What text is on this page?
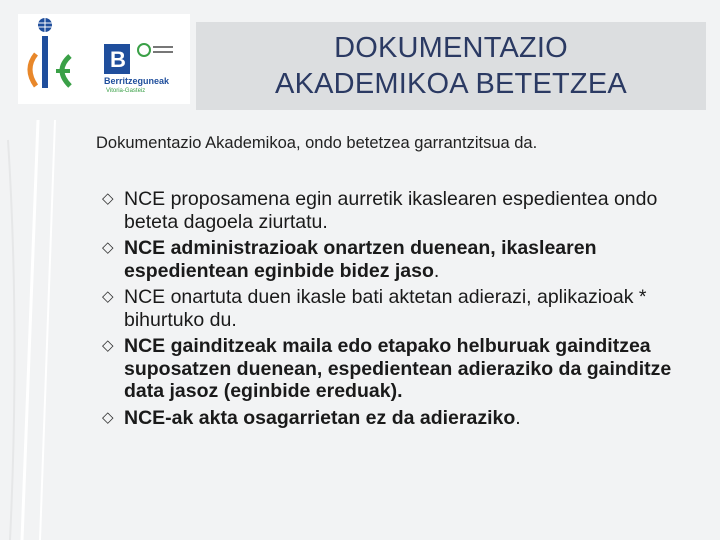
B
Berritzeguneak
Vitoria-Gasteiz
DOKUMENTAZIO
AKADEMIKOA BETETZEA
Dokumentazio Akademikoa, ondo betetzea garrantzitsua da.
◇ NCE proposamena egin aurretik ikaslearen espedientea ondo beteta dagoela ziurtatu.
◇ NCE administrazioak onartzen duenean, ikaslearen espedientean eginbide bidez jaso.
◇ NCE onartuta duen ikasle bati aktetan adierazi, aplikazioak * bihurtuko du.
◇ NCE gainditzeak maila edo etapako helburuak gainditzea suposatzen duenean, espedientean adieraziko da gainditze data jasoz (eginbide ereduak).
◇ NCE-ak akta osagarrietan ez da adieraziko.
